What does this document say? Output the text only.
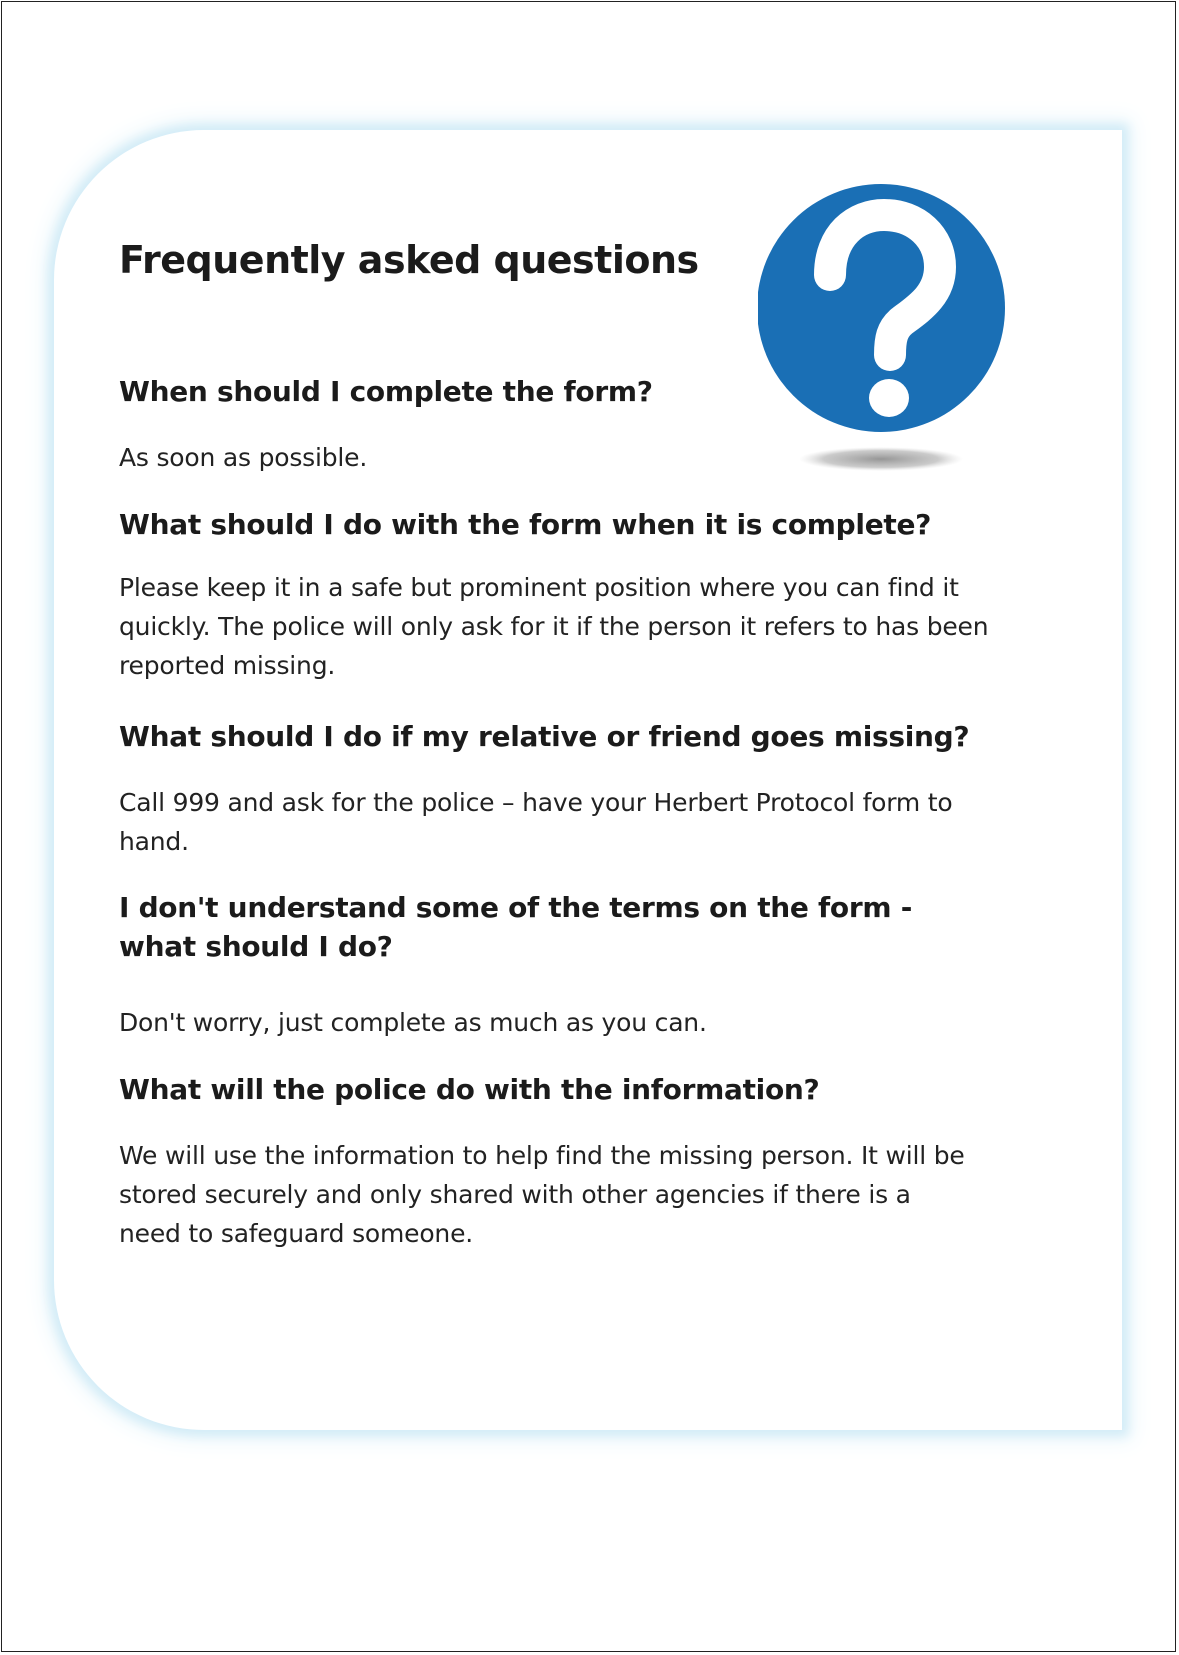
Frequently asked questions

When should I complete the form?

As soon as possible.

What should I do with the form when it is complete?

Please keep it in a safe but prominent position where you can find it quickly. The police will only ask for it if the person it refers to has been reported missing.

What should I do if my relative or friend goes missing?

Call 999 and ask for the police – have your Herbert Protocol form to hand.

I don't understand some of the terms on the form - what should I do?

Don't worry, just complete as much as you can.

What will the police do with the information?

We will use the information to help find the missing person. It will be stored securely and only shared with other agencies if there is a need to safeguard someone.
